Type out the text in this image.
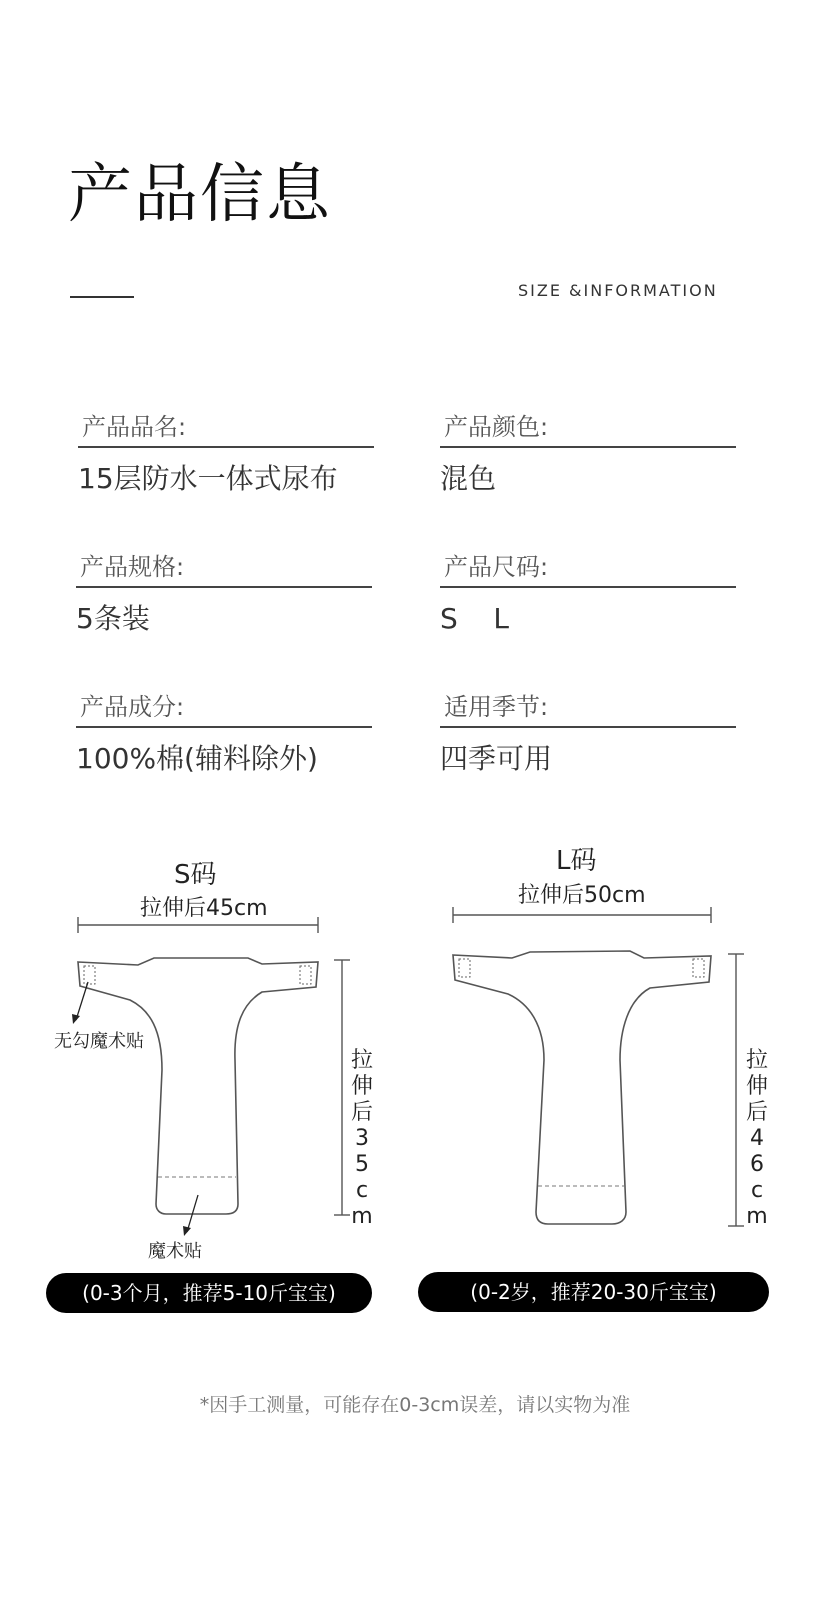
产品信息
SIZE &INFORMATION
产品品名:
15层防水一体式尿布
产品颜色:
混色
产品规格:
5条装
产品尺码:
S    L
产品成分:
100%棉(辅料除外)
适用季节:
四季可用
S码
拉伸后45cm
拉伸后35cm
无勾魔术贴
魔术贴
L码
拉伸后50cm
拉伸后46cm
(0-3个月，推荐5-10斤宝宝)	(0-2岁，推荐20-30斤宝宝)
*因手工测量，可能存在0-3cm误差，请以实物为准
